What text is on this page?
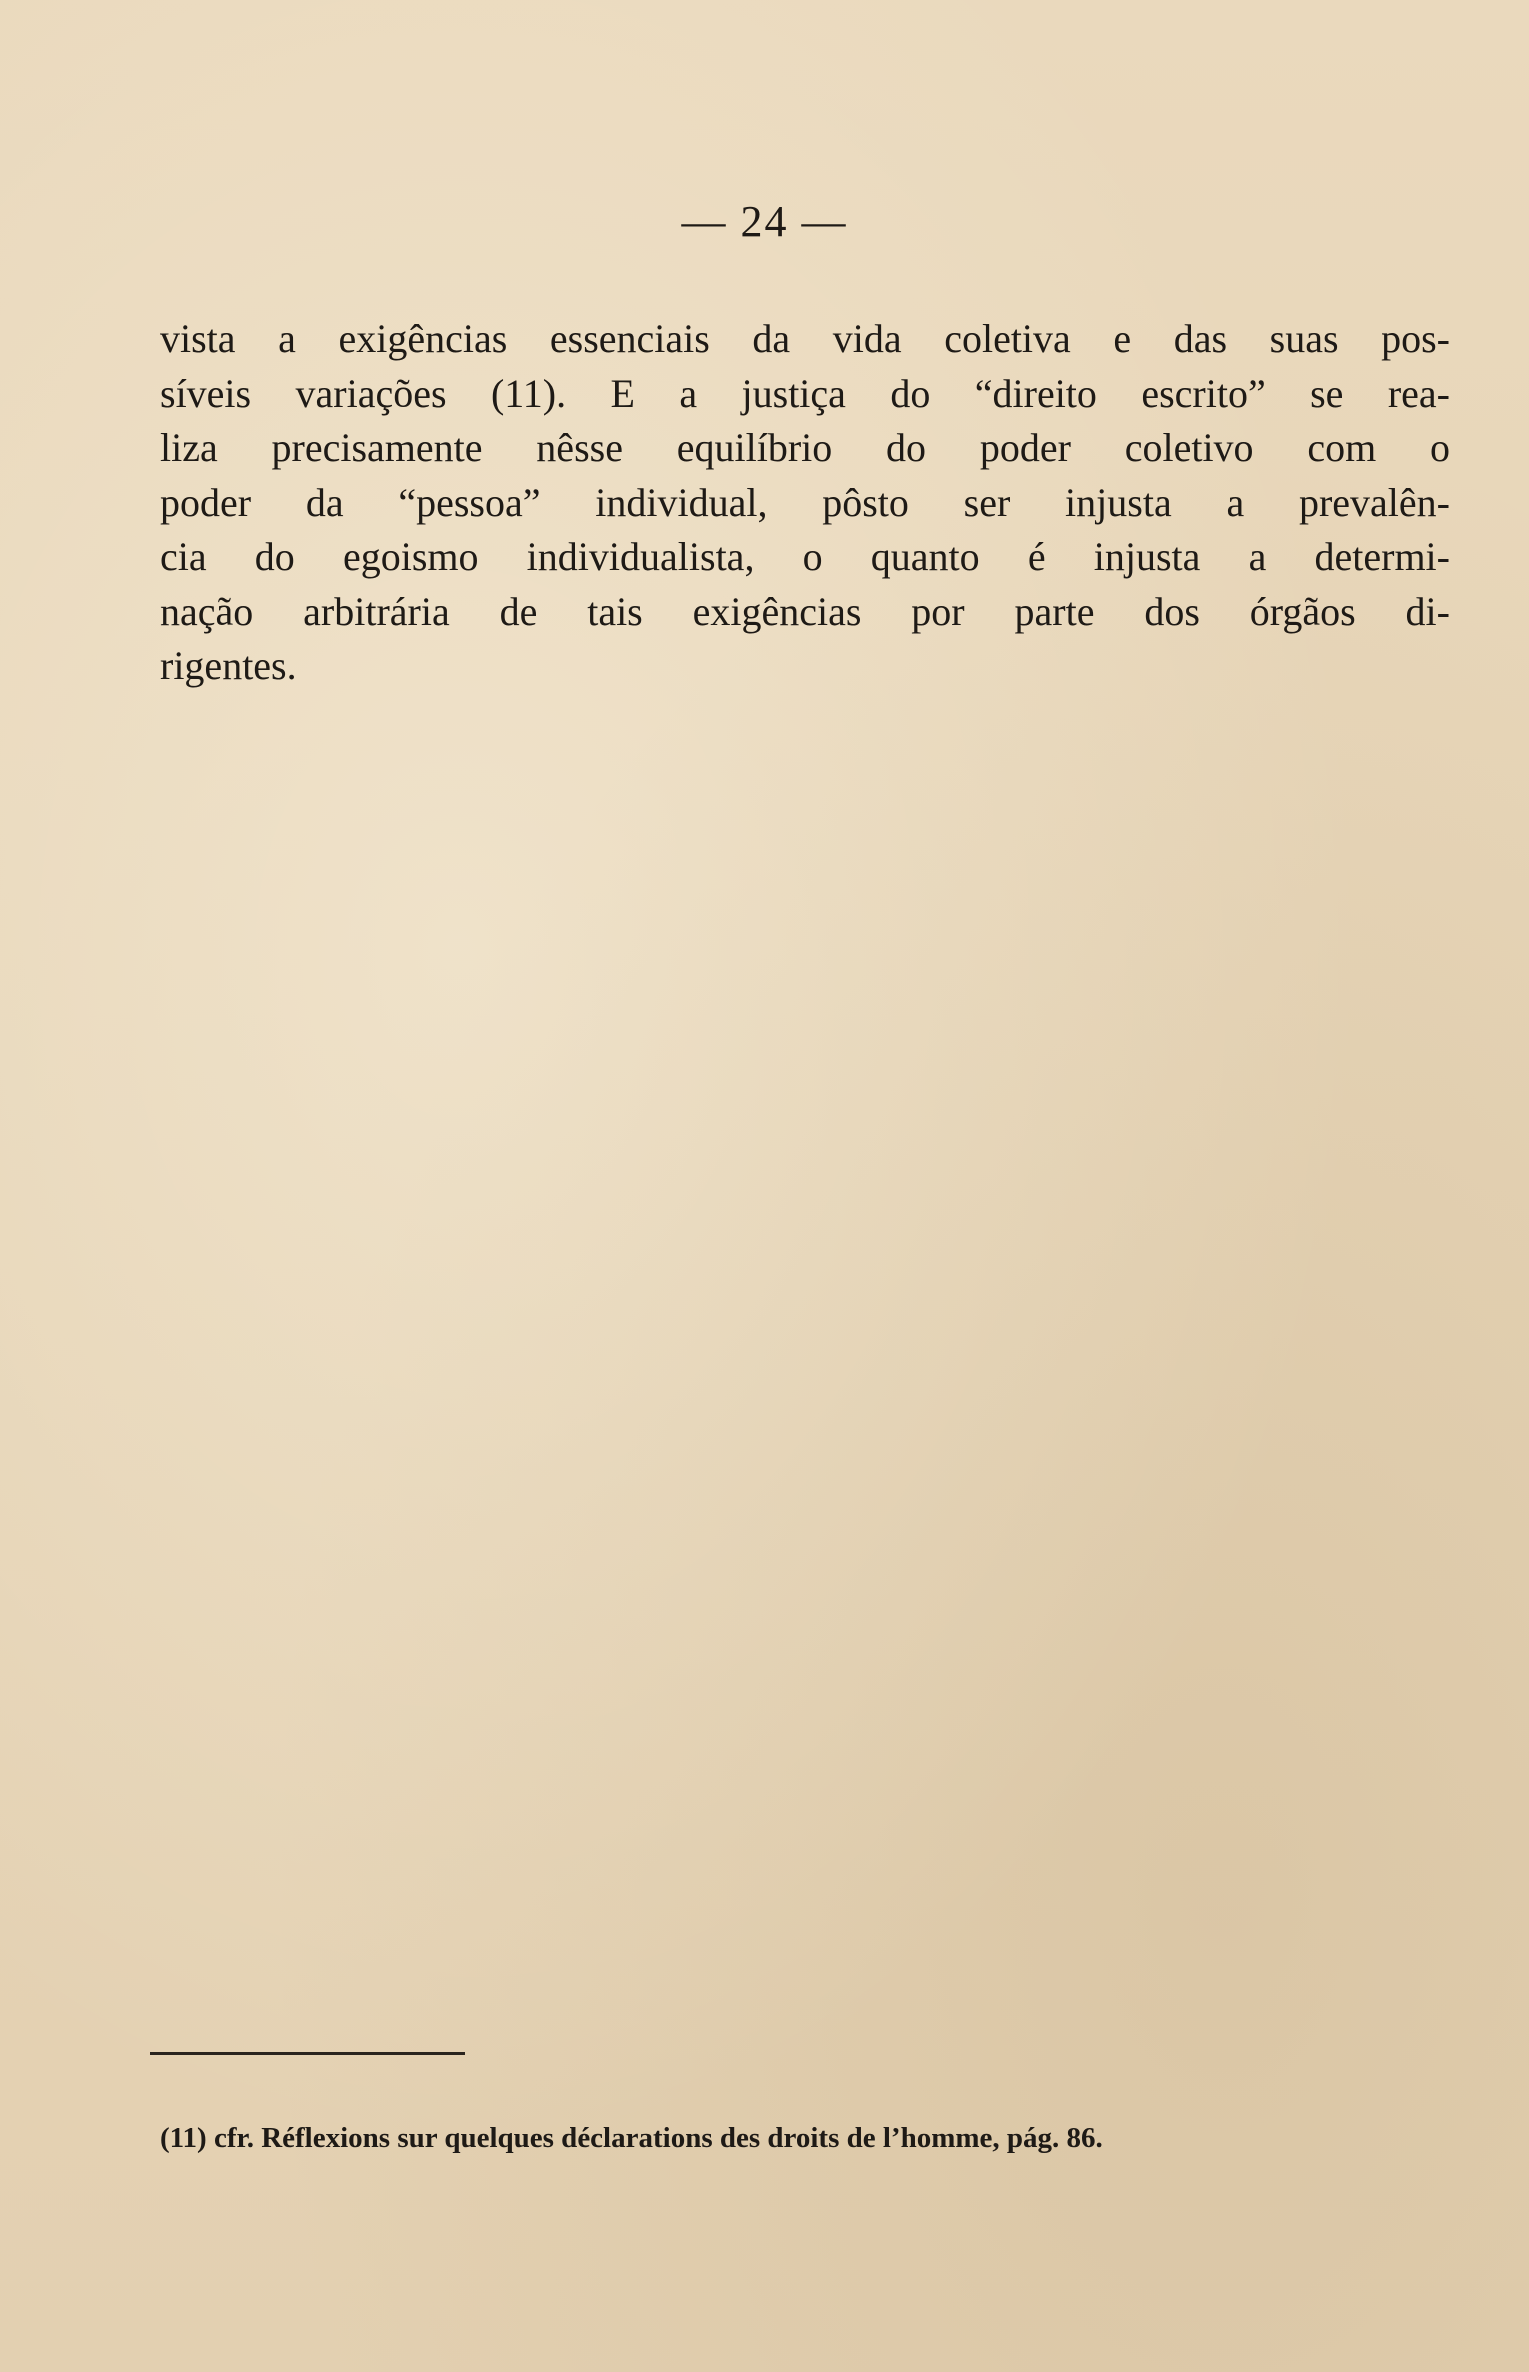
— 24 —
vista a exigências essenciais da vida coletiva e das suas pos-
síveis variações (11). E a justiça do “direito escrito” se rea-
liza precisamente nêsse equilíbrio do poder coletivo com o
poder da “pessoa” individual, pôsto ser injusta a prevalên-
cia do egoismo individualista, o quanto é injusta a determi-
nação arbitrária de tais exigências por parte dos órgãos di-
rigentes.
(11) cfr. Réflexions sur quelques déclarations des droits de l’homme, pág. 86.
